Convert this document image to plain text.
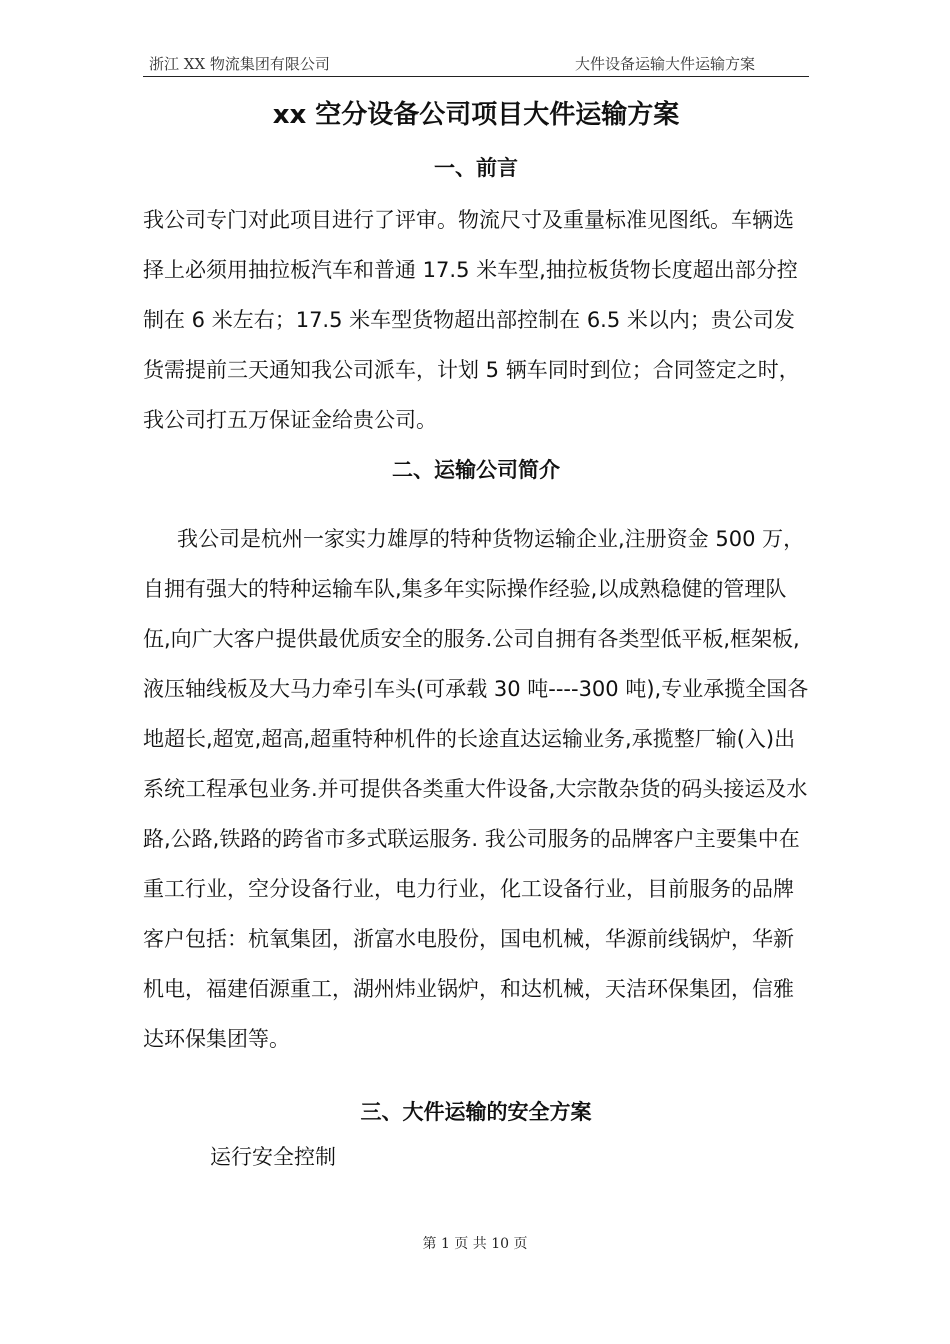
浙江 XX 物流集团有限公司	大件设备运输大件运输方案
xx 空分设备公司项目大件运输方案
一、前言

我公司专门对此项目进行了评审。物流尺寸及重量标准见图纸。车辆选择上必须用抽拉板汽车和普通 17.5 米车型,抽拉板货物长度超出部分控制在 6 米左右；17.5 米车型货物超出部控制在 6.5 米以内；贵公司发货需提前三天通知我公司派车，计划 5 辆车同时到位；合同签定之时，我公司打五万保证金给贵公司。

二、运输公司简介

我公司是杭州一家实力雄厚的特种货物运输企业,注册资金 500 万，自拥有强大的特种运输车队,集多年实际操作经验,以成熟稳健的管理队伍,向广大客户提供最优质安全的服务.公司自拥有各类型低平板,框架板,液压轴线板及大马力牵引车头(可承载 30 吨----300 吨),专业承揽全国各地超长,超宽,超高,超重特种机件的长途直达运输业务,承揽整厂输(入)出系统工程承包业务.并可提供各类重大件设备,大宗散杂货的码头接运及水路,公路,铁路的跨省市多式联运服务. 我公司服务的品牌客户主要集中在重工行业，空分设备行业，电力行业，化工设备行业，目前服务的品牌客户包括：杭氧集团，浙富水电股份，国电机械，华源前线锅炉，华新机电，福建佰源重工，湖州炜业锅炉，和达机械，天洁环保集团，信雅达环保集团等。

三、大件运输的安全方案
运行安全控制
第 1 页 共 10 页
